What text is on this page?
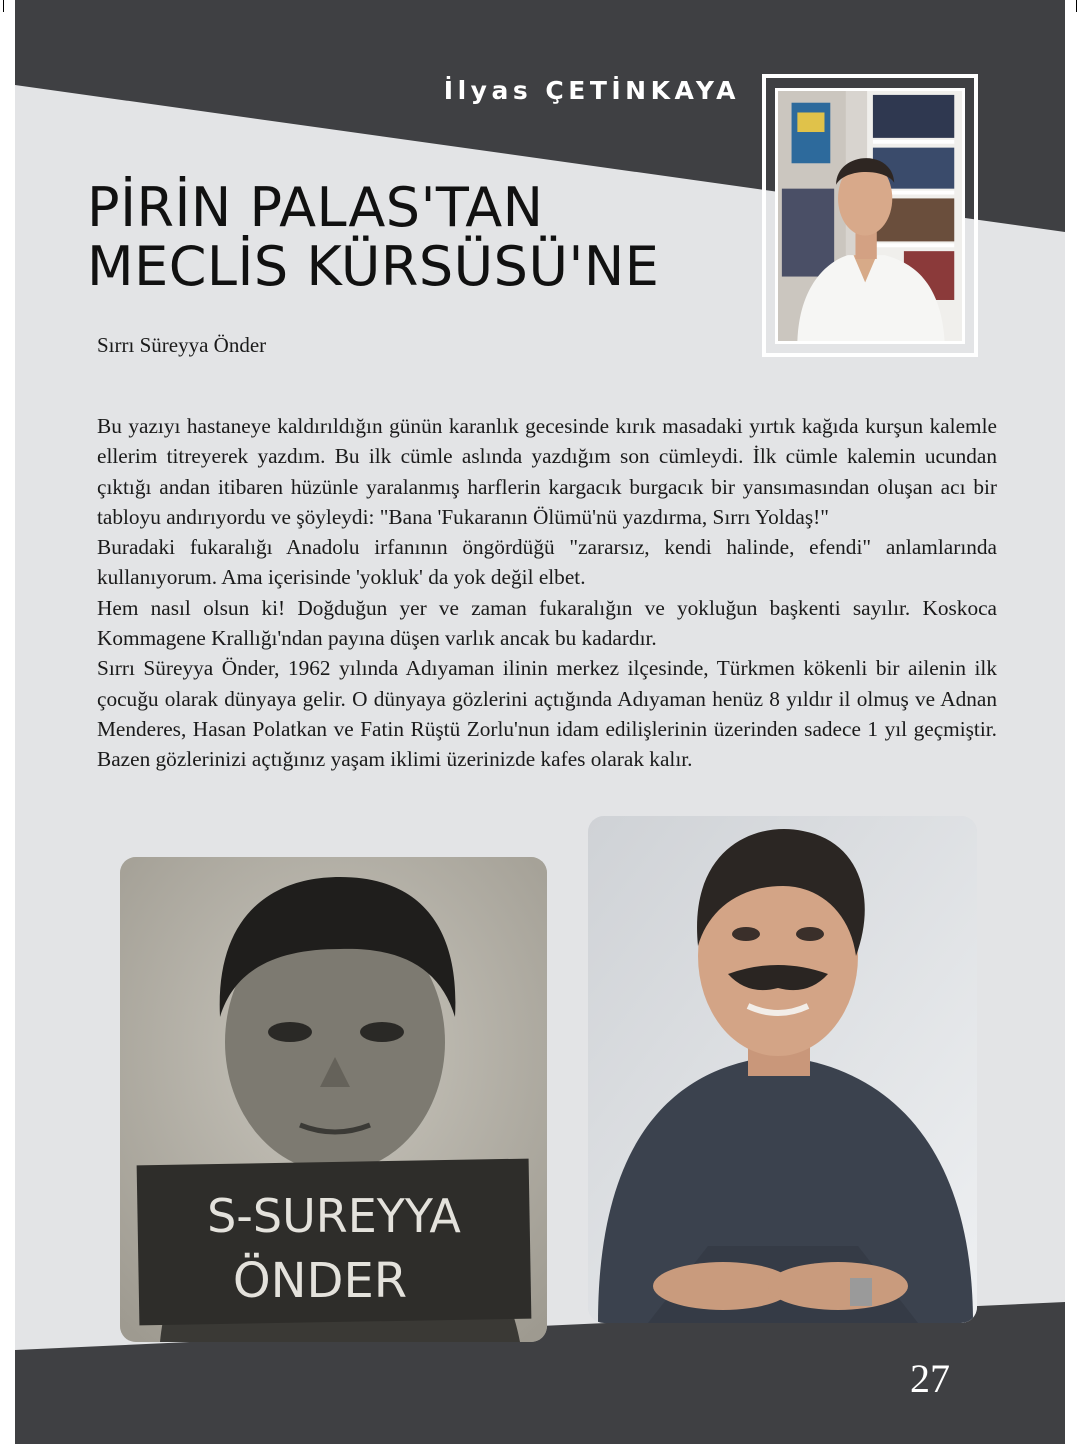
İlyas ÇETİNKAYA
PİRİN PALAS'TAN
MECLİS KÜRSÜSÜ'NE
Sırrı Süreyya Önder

Bu yazıyı hastaneye kaldırıldığın günün karanlık gecesinde kırık masadaki yırtık kağıda kurşun kalemle ellerim titreyerek yazdım. Bu ilk cümle aslında yazdığım son cümleydi. İlk cümle kalemin ucundan çıktığı andan itibaren hüzünle yaralanmış harflerin kargacık burgacık bir yansımasından oluşan acı bir tabloyu andırıyordu ve şöyleydi: "Bana 'Fukaranın Ölümü'nü yazdırma, Sırrı Yoldaş!"

Buradaki fukaralığı Anadolu irfanının öngördüğü "zararsız, kendi halinde, efendi" anlamlarında kullanıyorum. Ama içerisinde 'yokluk' da yok değil elbet.

Hem nasıl olsun ki! Doğduğun yer ve zaman fukaralığın ve yokluğun başkenti sayılır. Koskoca Kommagene Krallığı'ndan payına düşen varlık ancak bu kadardır.

Sırrı Süreyya Önder, 1962 yılında Adıyaman ilinin merkez ilçesinde, Türkmen kökenli bir ailenin ilk çocuğu olarak dünyaya gelir. O dünyaya gözlerini açtığında Adıyaman henüz 8 yıldır il olmuş ve Adnan Menderes, Hasan Polatkan ve Fatin Rüştü Zorlu'nun idam edilişlerinin üzerinden sadece 1 yıl geçmiştir. Bazen gözlerinizi açtığınız yaşam iklimi üzerinizde kafes olarak kalır.

S-SUREYYA
ÖNDER
27
